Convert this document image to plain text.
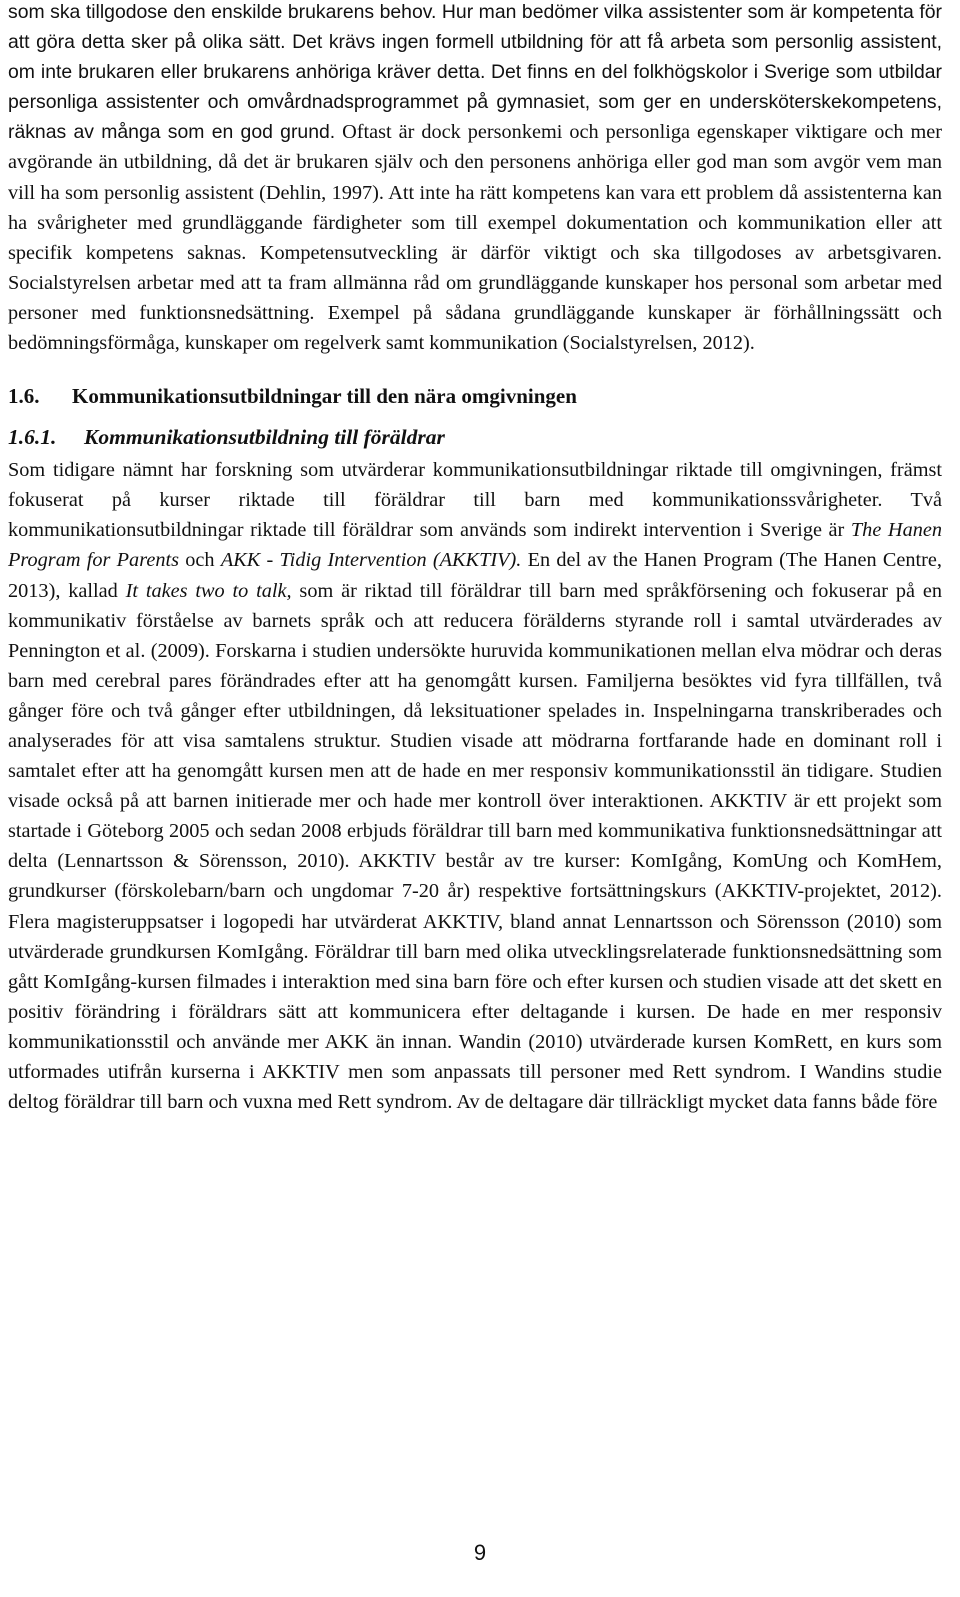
som ska tillgodose den enskilde brukarens behov. Hur man bedömer vilka assistenter som är kompetenta för att göra detta sker på olika sätt. Det krävs ingen formell utbildning för att få arbeta som personlig assistent, om inte brukaren eller brukarens anhöriga kräver detta. Det finns en del folkhögskolor i Sverige som utbildar personliga assistenter och omvårdnadsprogrammet på gymnasiet, som ger en undersköterskekompetens, räknas av många som en god grund. Oftast är dock personkemi och personliga egenskaper viktigare och mer avgörande än utbildning, då det är brukaren själv och den personens anhöriga eller god man som avgör vem man vill ha som personlig assistent (Dehlin, 1997). Att inte ha rätt kompetens kan vara ett problem då assistenterna kan ha svårigheter med grundläggande färdigheter som till exempel dokumentation och kommunikation eller att specifik kompetens saknas. Kompetensutveckling är därför viktigt och ska tillgodoses av arbetsgivaren. Socialstyrelsen arbetar med att ta fram allmänna råd om grundläggande kunskaper hos personal som arbetar med personer med funktionsnedsättning. Exempel på sådana grundläggande kunskaper är förhållningssätt och bedömningsförmåga, kunskaper om regelverk samt kommunikation (Socialstyrelsen, 2012).

1.6. Kommunikationsutbildningar till den nära omgivningen
1.6.1. Kommunikationsutbildning till föräldrar

Som tidigare nämnt har forskning som utvärderar kommunikationsutbildningar riktade till omgivningen, främst fokuserat på kurser riktade till föräldrar till barn med kommunikationssvårigheter. Två kommunikationsutbildningar riktade till föräldrar som används som indirekt intervention i Sverige är The Hanen Program for Parents och AKK - Tidig Intervention (AKKTIV). En del av the Hanen Program (The Hanen Centre, 2013), kallad It takes two to talk, som är riktad till föräldrar till barn med språkförsening och fokuserar på en kommunikativ förståelse av barnets språk och att reducera förälderns styrande roll i samtal utvärderades av Pennington et al. (2009). Forskarna i studien undersökte huruvida kommunikationen mellan elva mödrar och deras barn med cerebral pares förändrades efter att ha genomgått kursen. Familjerna besöktes vid fyra tillfällen, två gånger före och två gånger efter utbildningen, då leksituationer spelades in. Inspelningarna transkriberades och analyserades för att visa samtalens struktur. Studien visade att mödrarna fortfarande hade en dominant roll i samtalet efter att ha genomgått kursen men att de hade en mer responsiv kommunikationsstil än tidigare. Studien visade också på att barnen initierade mer och hade mer kontroll över interaktionen. AKKTIV är ett projekt som startade i Göteborg 2005 och sedan 2008 erbjuds föräldrar till barn med kommunikativa funktionsnedsättningar att delta (Lennartsson & Sörensson, 2010). AKKTIV består av tre kurser: KomIgång, KomUng och KomHem, grundkurser (förskolebarn/barn och ungdomar 7-20 år) respektive fortsättningskurs (AKKTIV-projektet, 2012). Flera magisteruppsatser i logopedi har utvärderat AKKTIV, bland annat Lennartsson och Sörensson (2010) som utvärderade grundkursen KomIgång. Föräldrar till barn med olika utvecklingsrelaterade funktionsnedsättning som gått KomIgång-kursen filmades i interaktion med sina barn före och efter kursen och studien visade att det skett en positiv förändring i föräldrars sätt att kommunicera efter deltagande i kursen. De hade en mer responsiv kommunikationsstil och använde mer AKK än innan. Wandin (2010) utvärderade kursen KomRett, en kurs som utformades utifrån kurserna i AKKTIV men som anpassats till personer med Rett syndrom. I Wandins studie deltog föräldrar till barn och vuxna med Rett syndrom. Av de deltagare där tillräckligt mycket data fanns både före

9
